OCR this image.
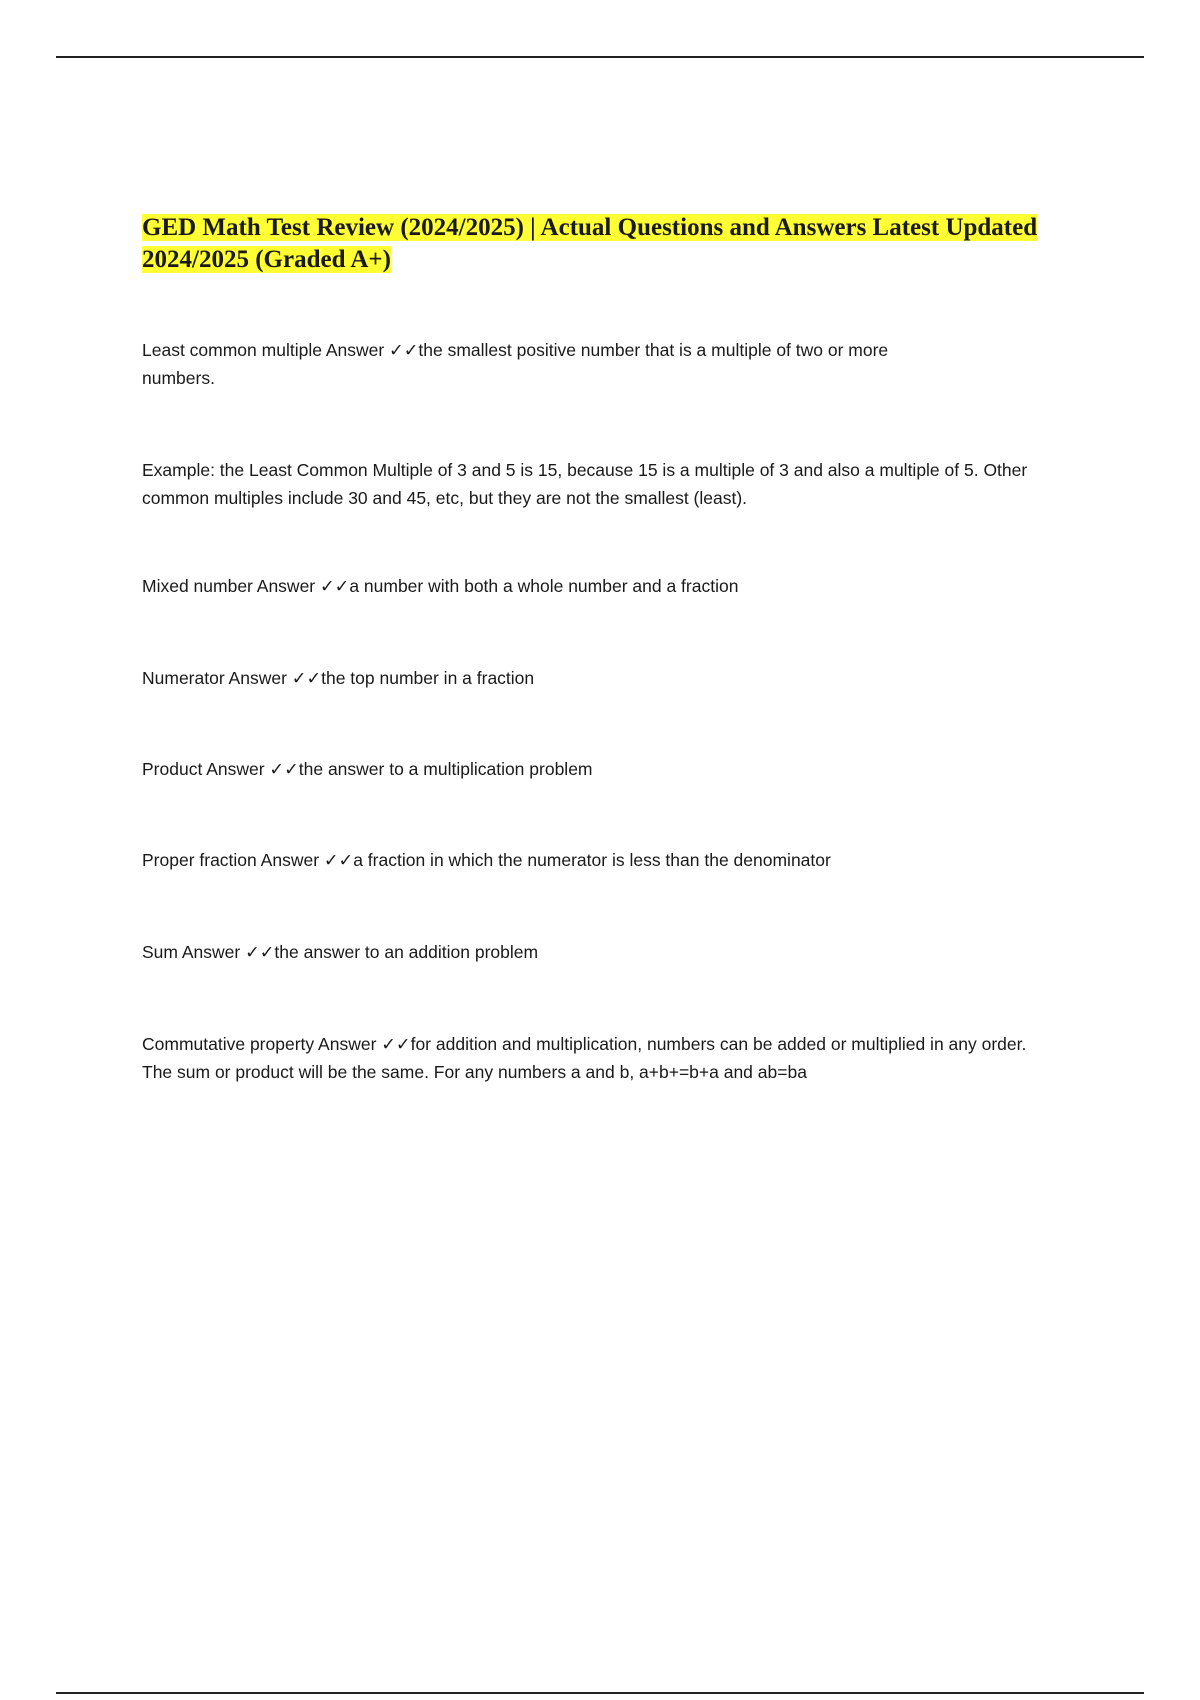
GED Math Test Review (2024/2025) | Actual Questions and Answers Latest Updated 2024/2025 (Graded A+)

Least common multiple Answer ✓✓the smallest positive number that is a multiple of two or more numbers.

Example: the Least Common Multiple of 3 and 5 is 15, because 15 is a multiple of 3 and also a multiple of 5. Other common multiples include 30 and 45, etc, but they are not the smallest (least).

Mixed number Answer ✓✓a number with both a whole number and a fraction

Numerator Answer ✓✓the top number in a fraction

Product Answer ✓✓the answer to a multiplication problem

Proper fraction Answer ✓✓a fraction in which the numerator is less than the denominator

Sum Answer ✓✓the answer to an addition problem

Commutative property Answer ✓✓for addition and multiplication, numbers can be added or multiplied in any order. The sum or product will be the same. For any numbers a and b, a+b+=b+a and ab=ba
